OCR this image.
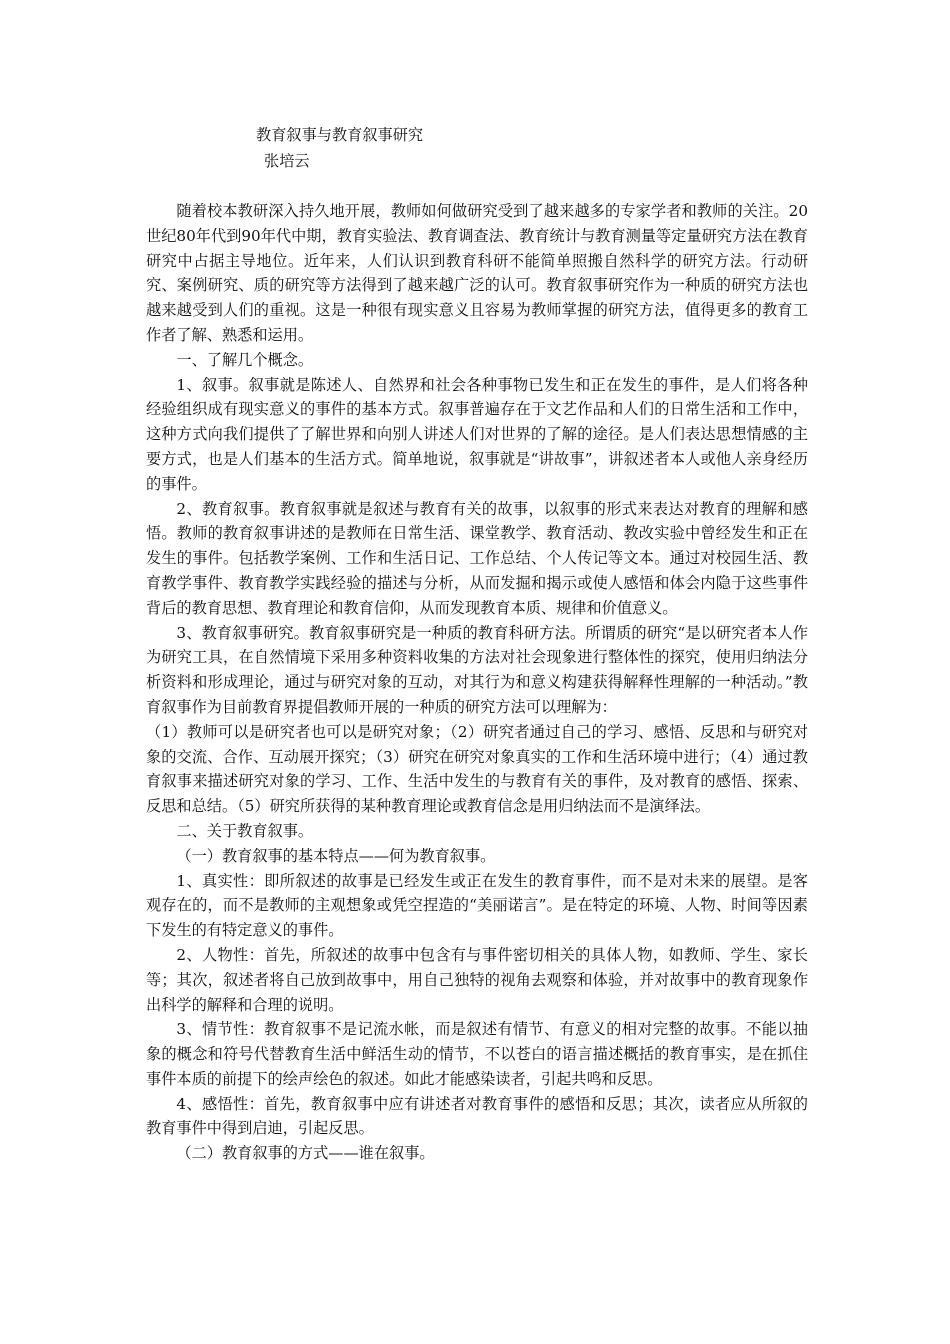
教育叙事与教育叙事研究
张培云

随着校本教研深入持久地开展，教师如何做研究受到了越来越多的专家学者和教师的关注。20世纪80年代到90年代中期，教育实验法、教育调查法、教育统计与教育测量等定量研究方法在教育研究中占据主导地位。近年来，人们认识到教育科研不能简单照搬自然科学的研究方法。行动研究、案例研究、质的研究等方法得到了越来越广泛的认可。教育叙事研究作为一种质的研究方法也越来越受到人们的重视。这是一种很有现实意义且容易为教师掌握的研究方法，值得更多的教育工作者了解、熟悉和运用。

一、了解几个概念。

1、叙事。叙事就是陈述人、自然界和社会各种事物已发生和正在发生的事件，是人们将各种经验组织成有现实意义的事件的基本方式。叙事普遍存在于文艺作品和人们的日常生活和工作中，这种方式向我们提供了了解世界和向别人讲述人们对世界的了解的途径。是人们表达思想情感的主要方式，也是人们基本的生活方式。简单地说，叙事就是“讲故事”，讲叙述者本人或他人亲身经历的事件。

2、教育叙事。教育叙事就是叙述与教育有关的故事，以叙事的形式来表达对教育的理解和感悟。教师的教育叙事讲述的是教师在日常生活、课堂教学、教育活动、教改实验中曾经发生和正在发生的事件。包括教学案例、工作和生活日记、工作总结、个人传记等文本。通过对校园生活、教育教学事件、教育教学实践经验的描述与分析，从而发掘和揭示或使人感悟和体会内隐于这些事件背后的教育思想、教育理论和教育信仰，从而发现教育本质、规律和价值意义。

3、教育叙事研究。教育叙事研究是一种质的教育科研方法。所谓质的研究“是以研究者本人作为研究工具，在自然情境下采用多种资料收集的方法对社会现象进行整体性的探究，使用归纳法分析资料和形成理论，通过与研究对象的互动，对其行为和意义构建获得解释性理解的一种活动。”教育叙事作为目前教育界提倡教师开展的一种质的研究方法可以理解为：

（1）教师可以是研究者也可以是研究对象；（2）研究者通过自己的学习、感悟、反思和与研究对象的交流、合作、互动展开探究；（3）研究在研究对象真实的工作和生活环境中进行；（4）通过教育叙事来描述研究对象的学习、工作、生活中发生的与教育有关的事件，及对教育的感悟、探索、反思和总结。（5）研究所获得的某种教育理论或教育信念是用归纳法而不是演绎法。

二、关于教育叙事。

（一）教育叙事的基本特点——何为教育叙事。

1、真实性：即所叙述的故事是已经发生或正在发生的教育事件，而不是对未来的展望。是客观存在的，而不是教师的主观想象或凭空捏造的“美丽诺言”。是在特定的环境、人物、时间等因素下发生的有特定意义的事件。

2、人物性：首先，所叙述的故事中包含有与事件密切相关的具体人物，如教师、学生、家长等；其次，叙述者将自己放到故事中，用自己独特的视角去观察和体验，并对故事中的教育现象作出科学的解释和合理的说明。

3、情节性：教育叙事不是记流水帐，而是叙述有情节、有意义的相对完整的故事。不能以抽象的概念和符号代替教育生活中鲜活生动的情节，不以苍白的语言描述概括的教育事实，是在抓住事件本质的前提下的绘声绘色的叙述。如此才能感染读者，引起共鸣和反思。

4、感悟性：首先，教育叙事中应有讲述者对教育事件的感悟和反思；其次，读者应从所叙的教育事件中得到启迪，引起反思。

（二）教育叙事的方式——谁在叙事。
